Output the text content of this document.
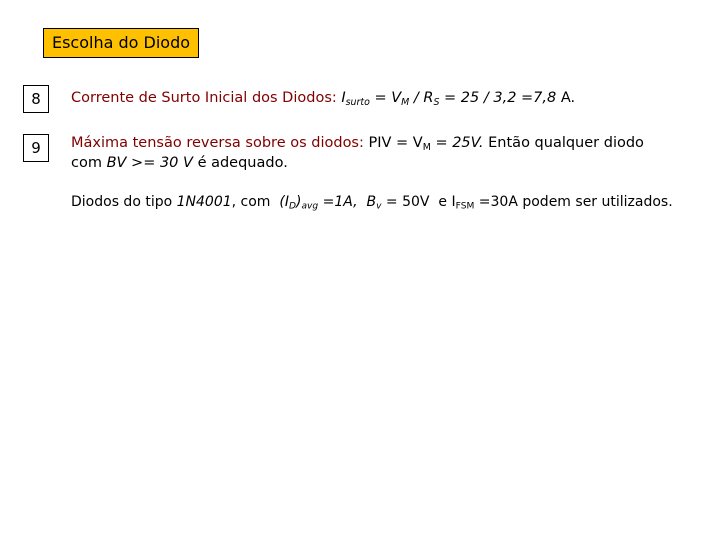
Escolha do Diodo
8
9
Corrente de Surto Inicial dos Diodos: $I_{surto} = V_M / R_S = 25 / 3,2 =7,8$ A.
Máxima tensão reversa sobre os diodos: PIV = $V_M = 25V$. Então qualquer diodo
com BV >= 30 V é adequado.
Diodos do tipo 1N4001, com $(I_D)_{avg} =1A$, $B_v = 50V$ e $I_{FSM} =30A$ podem ser utilizados.
